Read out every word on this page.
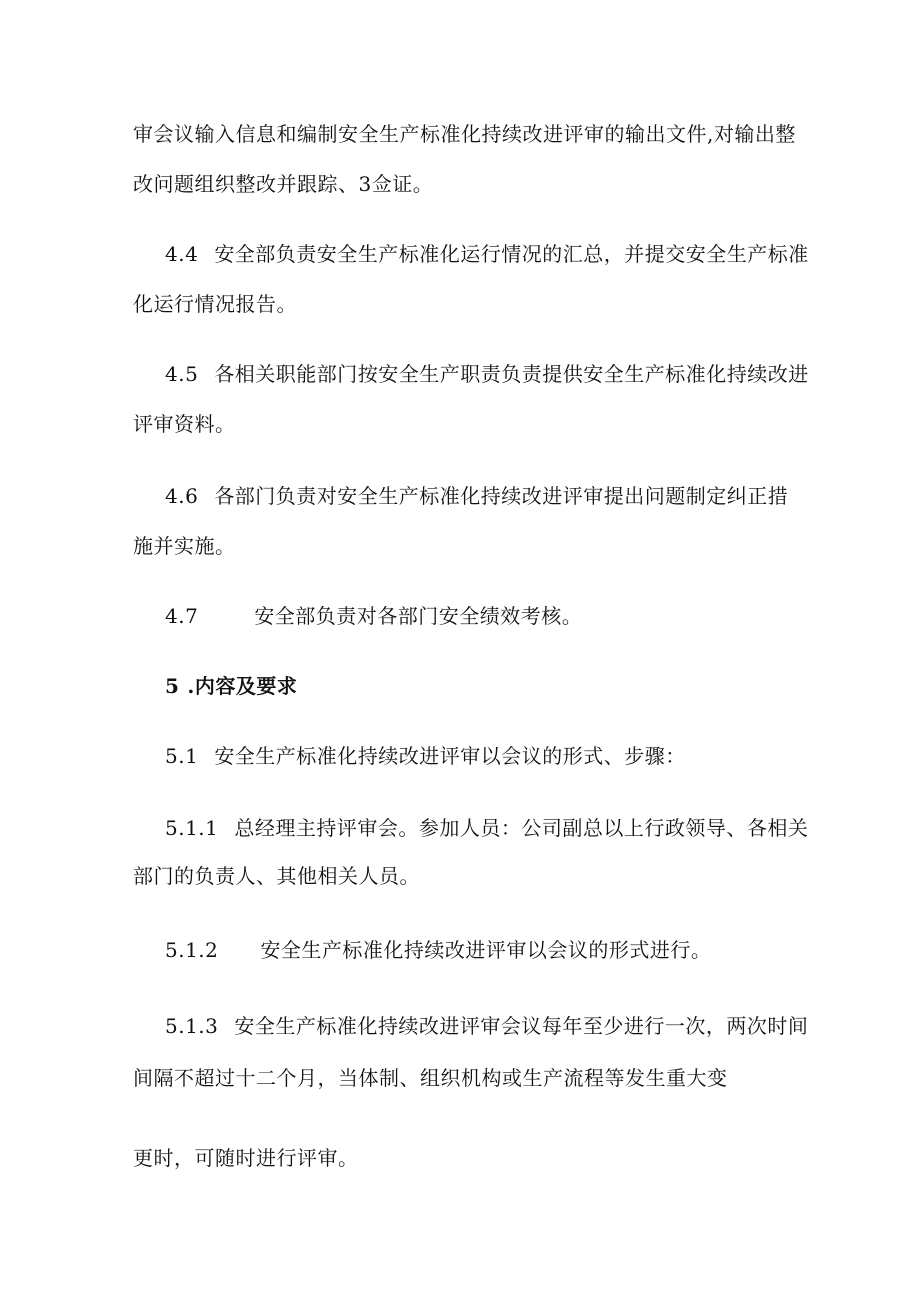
审会议输入信息和编制安全生产标准化持续改进评审的输出文件,对输出整
改问题组织整改并跟踪、3佥证。
4.4 安全部负责安全生产标准化运行情况的汇总，并提交安全生产标准
化运行情况报告。
4.5 各相关职能部门按安全生产职责负责提供安全生产标准化持续改进
评审资料。
4.6 各部门负责对安全生产标准化持续改进评审提出问题制定纠正措
施并实施。
4.7	安全部负责对各部门安全绩效考核。
5 .内容及要求
5.1 安全生产标准化持续改进评审以会议的形式、步骤：
5.1.1 总经理主持评审会。参加人员：公司副总以上行政领导、各相关
部门的负责人、其他相关人员。
5.1.2 安全生产标准化持续改进评审以会议的形式进行。
5.1.3 安全生产标准化持续改进评审会议每年至少进行一次，两次时间
间隔不超过十二个月，当体制、组织机构或生产流程等发生重大变
更时，可随时进行评审。
